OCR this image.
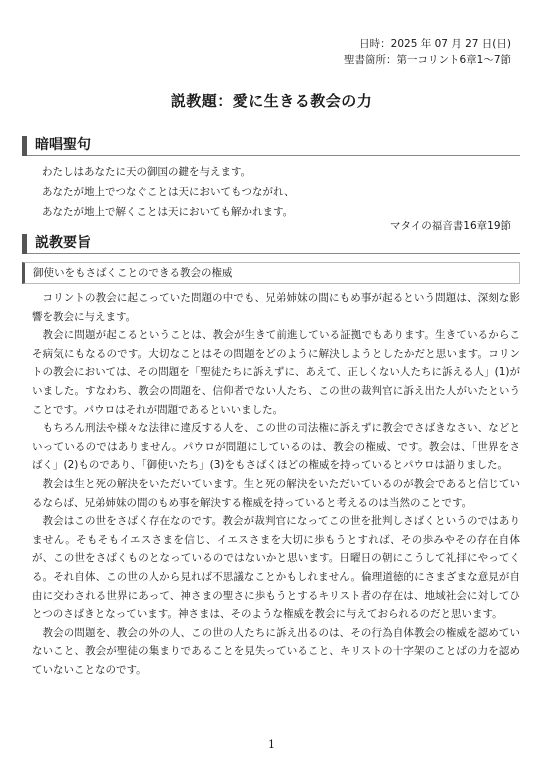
日時：2025 年 07 月 27 日(日)
聖書箇所：第一コリント6章1～7節
説教題：愛に生きる教会の力
暗唱聖句
わたしはあなたに天の御国の鍵を与えます。
あなたが地上でつなぐことは天においてもつながれ、
あなたが地上で解くことは天においても解かれます。
マタイの福音書16章19節
説教要旨
御使いをもさばくことのできる教会の権威

コリントの教会に起こっていた問題の中でも、兄弟姉妹の間にもめ事が起るという問題は、深刻な影響を教会に与えます。

教会に問題が起こるということは、教会が生きて前進している証拠でもあります。生きているからこそ病気にもなるのです。大切なことはその問題をどのように解決しようとしたかだと思います。コリントの教会においては、その問題を「聖徒たちに訴えずに、あえて、正しくない人たちに訴える人」(1)がいました。すなわち、教会の問題を、信仰者でない人たち、この世の裁判官に訴え出た人がいたということです。パウロはそれが問題であるといいました。

もちろん刑法や様々な法律に違反する人を、この世の司法権に訴えずに教会でさばきなさい、などといっているのではありません。パウロが問題にしているのは、教会の権威、です。教会は、「世界をさばく」(2)ものであり、「御使いたち」(3)をもさばくほどの権威を持っているとパウロは語りました。

教会は生と死の解決をいただいています。生と死の解決をいただいているのが教会であると信じているならば、兄弟姉妹の間のもめ事を解決する権威を持っていると考えるのは当然のことです。

教会はこの世をさばく存在なのです。教会が裁判官になってこの世を批判しさばくというのではありません。そもそもイエスさまを信じ、イエスさまを大切に歩もうとすれば、その歩みやその存在自体が、この世をさばくものとなっているのではないかと思います。日曜日の朝にこうして礼拝にやってくる。それ自体、この世の人から見れば不思議なことかもしれません。倫理道徳的にさまざまな意見が自由に交わされる世界にあって、神さまの聖さに歩もうとするキリスト者の存在は、地域社会に対してひとつのさばきとなっています。神さまは、そのような権威を教会に与えておられるのだと思います。

教会の問題を、教会の外の人、この世の人たちに訴え出るのは、その行為自体教会の権威を認めていないこと、教会が聖徒の集まりであることを見失っていること、キリストの十字架のことばの力を認めていないことなのです。

1
